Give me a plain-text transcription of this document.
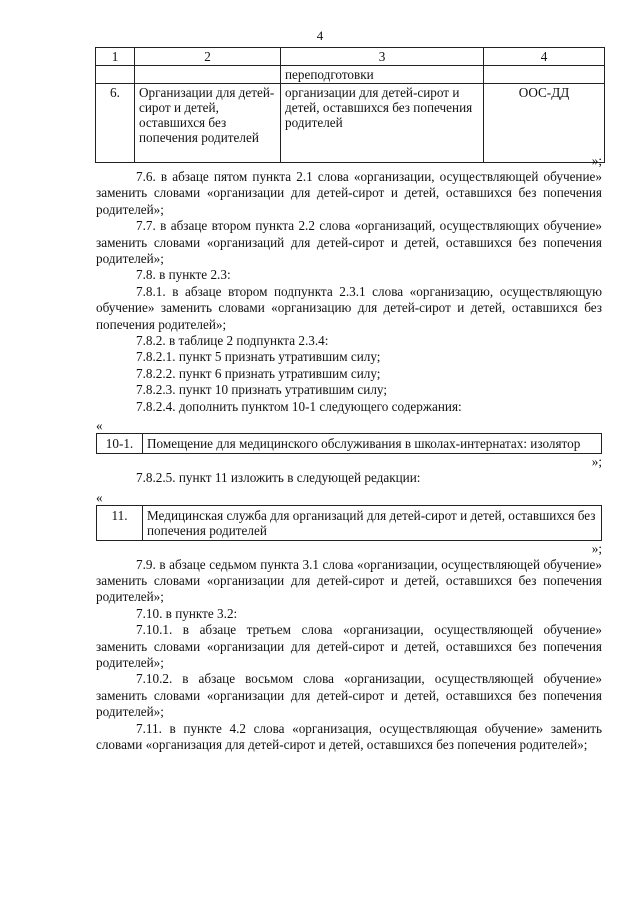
4
1	2	3	4
		переподготовки	
6.	Организации для детей-сирот и детей, оставшихся без попечения родителей	организации для детей-сирот и детей, оставшихся без попечения родителей	ООС-ДД
»;
7.6. в абзаце пятом пункта 2.1 слова «организации, осуществляющей обучение» заменить словами «организации для детей-сирот и детей, оставшихся без попечения родителей»;
7.7. в абзаце втором пункта 2.2 слова «организаций, осуществляющих обучение» заменить словами «организаций для детей-сирот и детей, оставшихся без попечения родителей»;
7.8. в пункте 2.3:
7.8.1. в абзаце втором подпункта 2.3.1 слова «организацию, осуществляющую обучение» заменить словами «организацию для детей-сирот и детей, оставшихся без попечения родителей»;
7.8.2. в таблице 2 подпункта 2.3.4:
7.8.2.1. пункт 5 признать утратившим силу;
7.8.2.2. пункт 6 признать утратившим силу;
7.8.2.3. пункт 10 признать утратившим силу;
7.8.2.4. дополнить пунктом 10-1 следующего содержания:
«
10-1.	Помещение для медицинского обслуживания в школах-интернатах: изолятор
»;
7.8.2.5. пункт 11 изложить в следующей редакции:
«
11.	Медицинская служба для организаций для детей-сирот и детей, оставшихся без попечения родителей
»;
7.9. в абзаце седьмом пункта 3.1 слова «организации, осуществляющей обучение» заменить словами «организации для детей-сирот и детей, оставшихся без попечения родителей»;
7.10. в пункте 3.2:
7.10.1. в абзаце третьем слова «организации, осуществляющей обучение» заменить словами «организации для детей-сирот и детей, оставшихся без попечения родителей»;
7.10.2. в абзаце восьмом слова «организации, осуществляющей обучение» заменить словами «организации для детей-сирот и детей, оставшихся без попечения родителей»;
7.11. в пункте 4.2 слова «организация, осуществляющая обучение» заменить словами «организация для детей-сирот и детей, оставшихся без попечения родителей»;
